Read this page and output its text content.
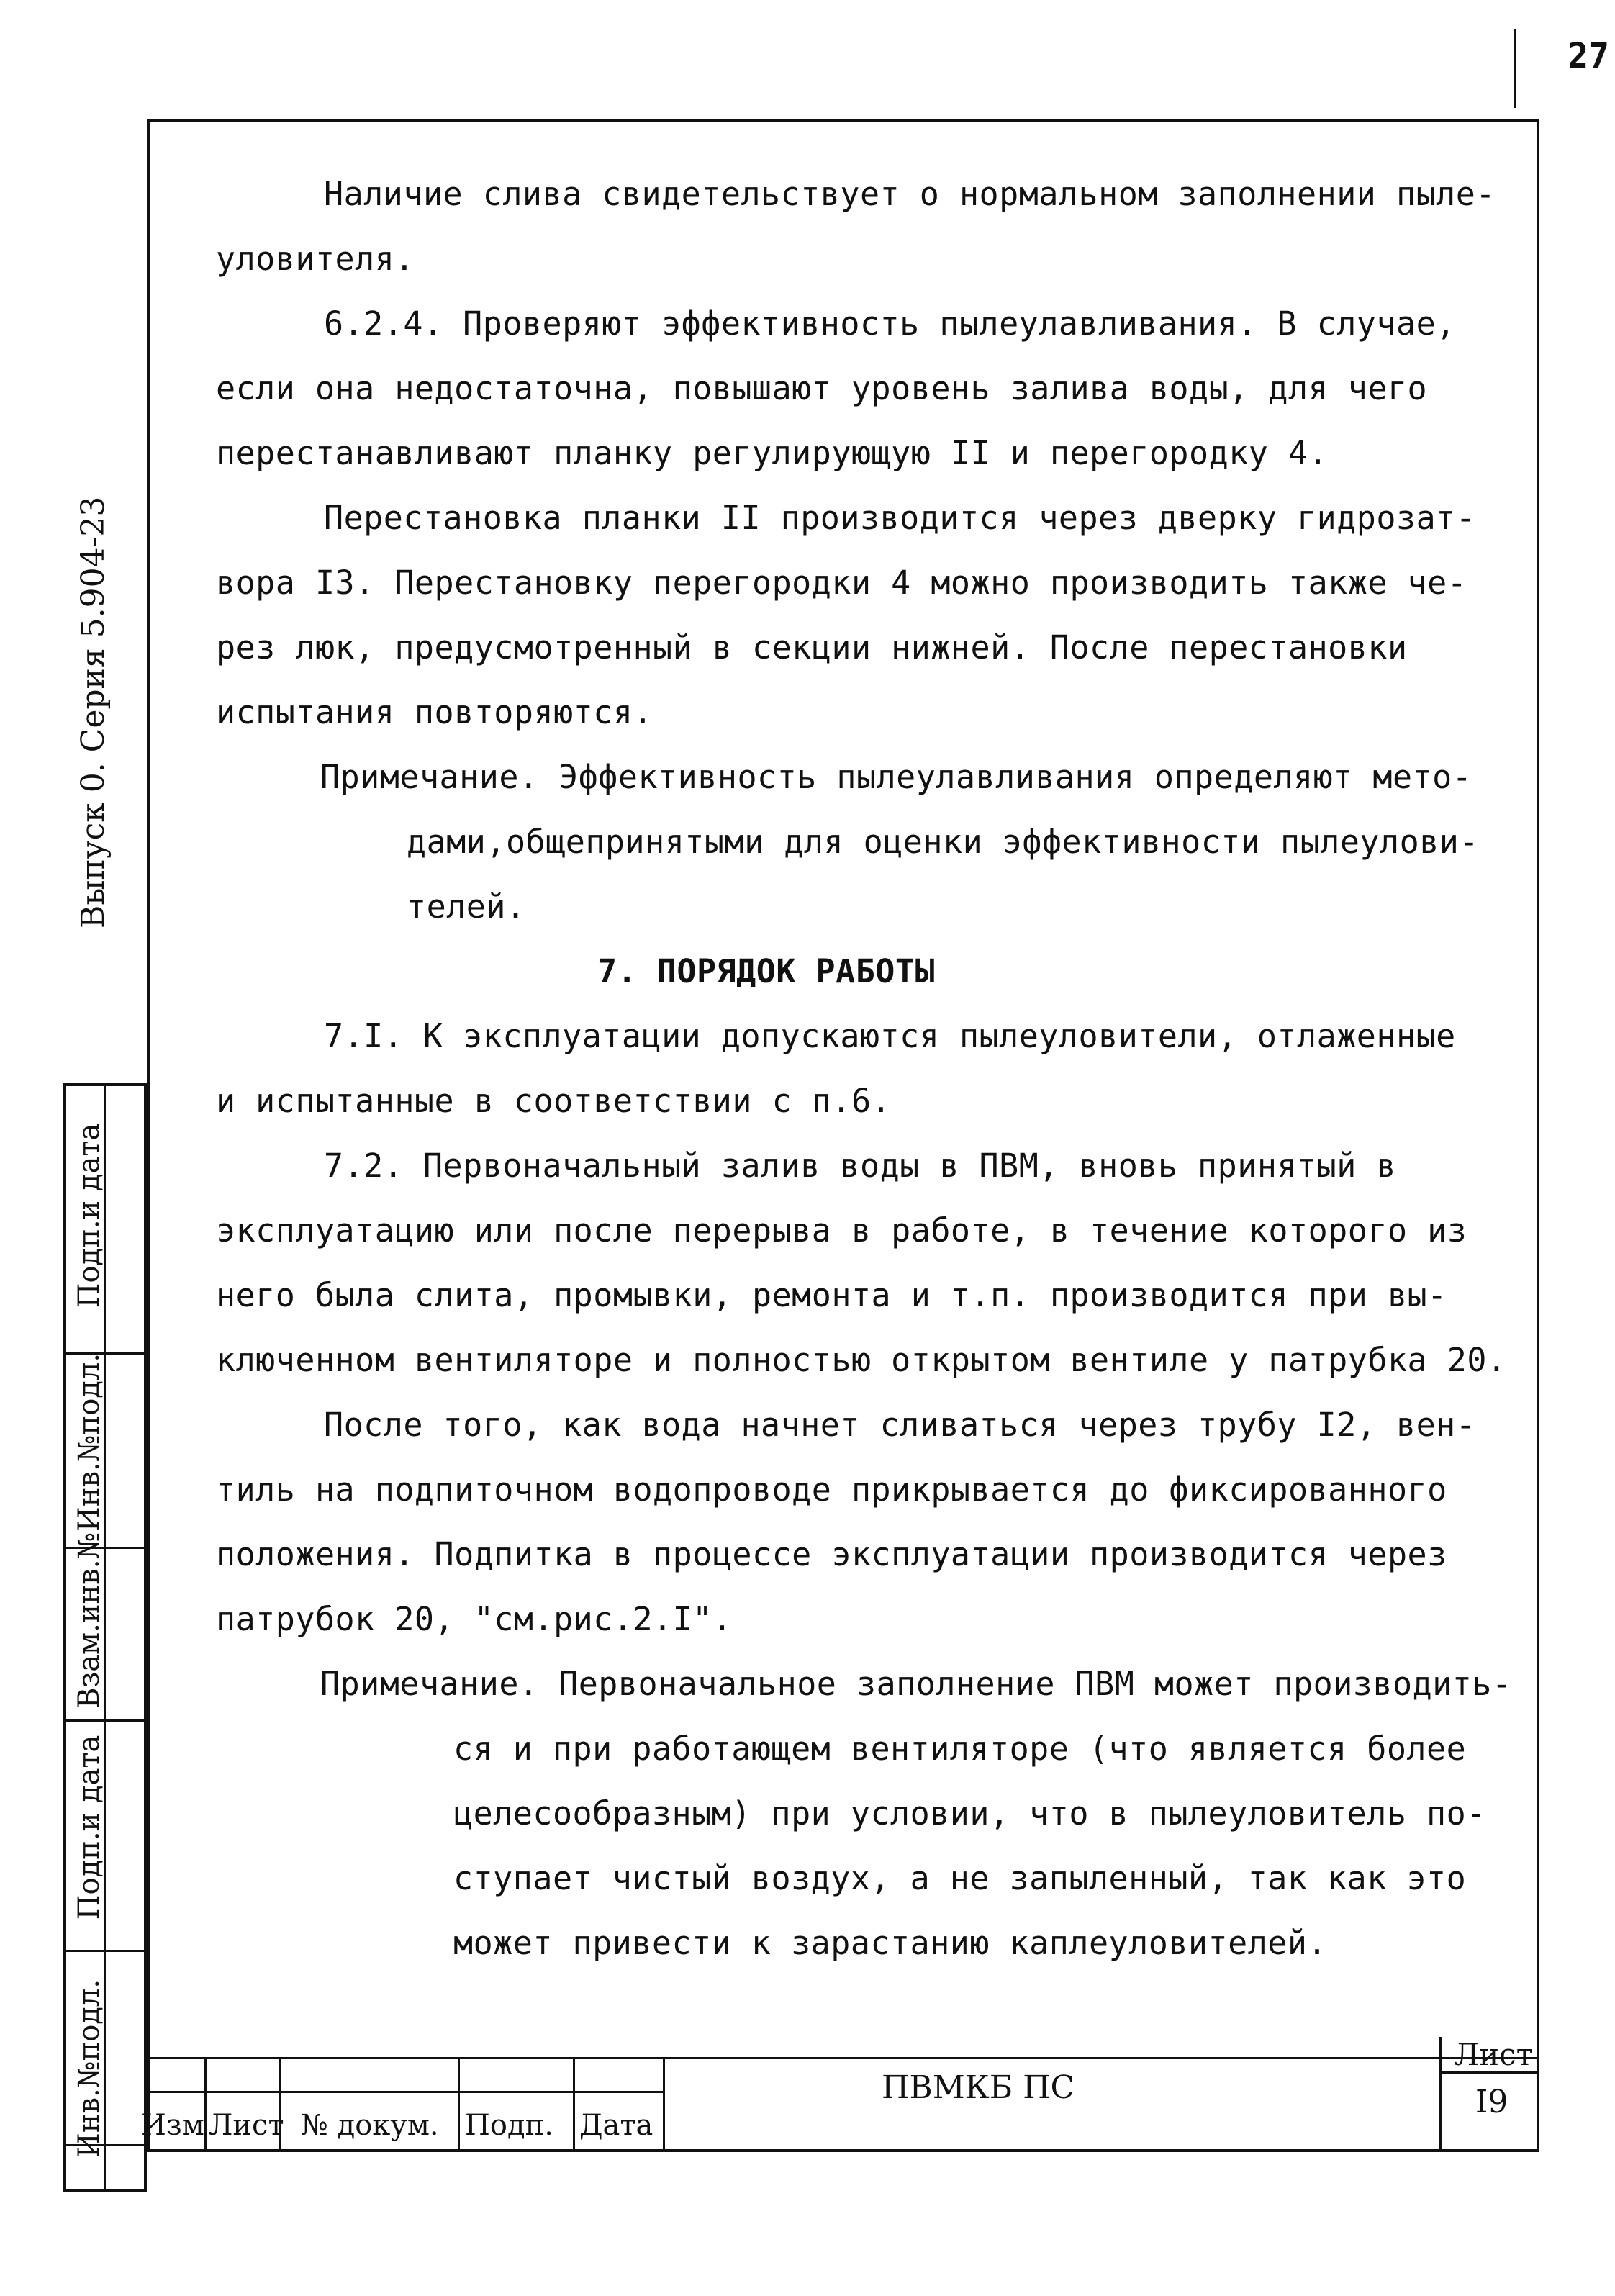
27
Выпуск 0. Серия 5.904-23
Подп.и дата
Инв.№подл.
Взам.инв.№
Подп.и дата
Инв.№подл.

Наличие слива свидетельствует о нормальном заполнении пыле-

уловителя.

6.2.4. Проверяют эффективность пылеулавливания. В случае,

если она недостаточна, повышают уровень залива воды, для чего

перестанавливают планку регулирующую II и перегородку 4.

Перестановка планки II производится через дверку гидрозат-

вора I3. Перестановку перегородки 4 можно производить также че-

рез люк, предусмотренный в секции нижней. После перестановки

испытания повторяются.

Примечание. Эффективность пылеулавливания определяют мето-

дами,общепринятыми для оценки эффективности пылеулови-

телей.

7. ПОРЯДОК РАБОТЫ

7.I. К эксплуатации допускаются пылеуловители, отлаженные

и испытанные в соответствии с п.6.

7.2. Первоначальный залив воды в ПВМ, вновь принятый в

эксплуатацию или после перерыва в работе, в течение которого из

него была слита, промывки, ремонта и т.п. производится при вы-

ключенном вентиляторе и полностью открытом вентиле у патрубка 20.

После того, как вода начнет сливаться через трубу I2, вен-

тиль на подпиточном водопроводе прикрывается до фиксированного

положения. Подпитка в процессе эксплуатации производится через

патрубок 20, "см.рис.2.I".

Примечание. Первоначальное заполнение ПВМ может производить-

ся и при работающем вентиляторе (что является более

целесообразным) при условии, что в пылеуловитель по-

ступает чистый воздух, а не запыленный, так как это

может привести к зарастанию каплеуловителей.

Изм Лист № докум. Подп. Дата
ПВМКБ ПС
Лист
I9
